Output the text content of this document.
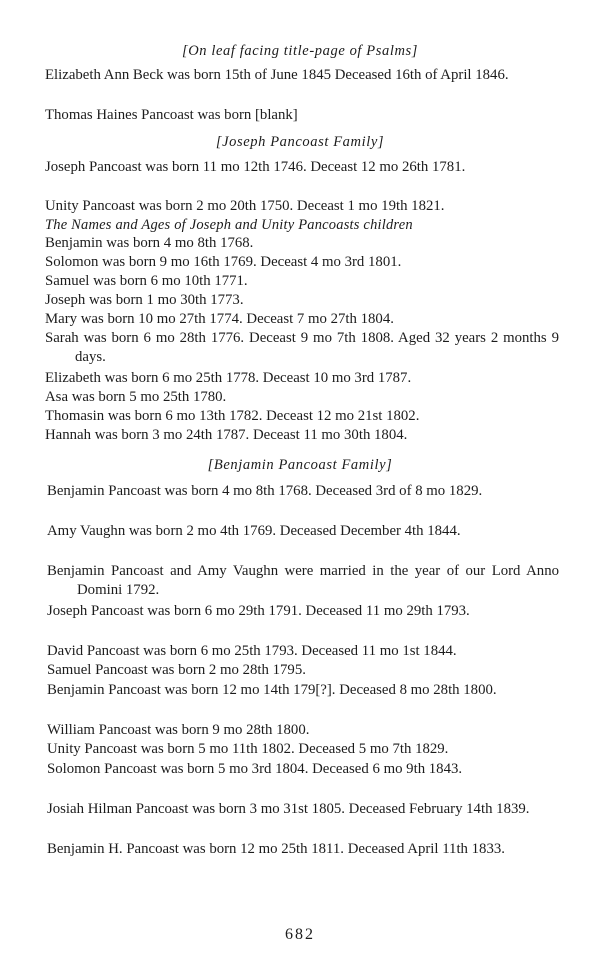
[On leaf facing title-page of Psalms]
Elizabeth Ann Beck was born 15th of June 1845 Deceased 16th of April 1846.
Thomas Haines Pancoast was born [blank]
[Joseph Pancoast Family]
Joseph Pancoast was born 11 mo 12th 1746. Deceast 12 mo 26th 1781.
Unity Pancoast was born 2 mo 20th 1750. Deceast 1 mo 19th 1821.
The Names and Ages of Joseph and Unity Pancoasts children
Benjamin was born 4 mo 8th 1768.
Solomon was born 9 mo 16th 1769. Deceast 4 mo 3rd 1801.
Samuel was born 6 mo 10th 1771.
Joseph was born 1 mo 30th 1773.
Mary was born 10 mo 27th 1774. Deceast 7 mo 27th 1804.
Sarah was born 6 mo 28th 1776. Deceast 9 mo 7th 1808. Aged 32 years 2 months 9 days.
Elizabeth was born 6 mo 25th 1778. Deceast 10 mo 3rd 1787.
Asa was born 5 mo 25th 1780.
Thomasin was born 6 mo 13th 1782. Deceast 12 mo 21st 1802.
Hannah was born 3 mo 24th 1787. Deceast 11 mo 30th 1804.
[Benjamin Pancoast Family]
Benjamin Pancoast was born 4 mo 8th 1768. Deceased 3rd of 8 mo 1829.
Amy Vaughn was born 2 mo 4th 1769. Deceased December 4th 1844.
Benjamin Pancoast and Amy Vaughn were married in the year of our Lord Anno Domini 1792.
Joseph Pancoast was born 6 mo 29th 1791. Deceased 11 mo 29th 1793.
David Pancoast was born 6 mo 25th 1793. Deceased 11 mo 1st 1844.
Samuel Pancoast was born 2 mo 28th 1795.
Benjamin Pancoast was born 12 mo 14th 179[?]. Deceased 8 mo 28th 1800.
William Pancoast was born 9 mo 28th 1800.
Unity Pancoast was born 5 mo 11th 1802. Deceased 5 mo 7th 1829.
Solomon Pancoast was born 5 mo 3rd 1804. Deceased 6 mo 9th 1843.
Josiah Hilman Pancoast was born 3 mo 31st 1805. Deceased February 14th 1839.
Benjamin H. Pancoast was born 12 mo 25th 1811. Deceased April 11th 1833.
682
